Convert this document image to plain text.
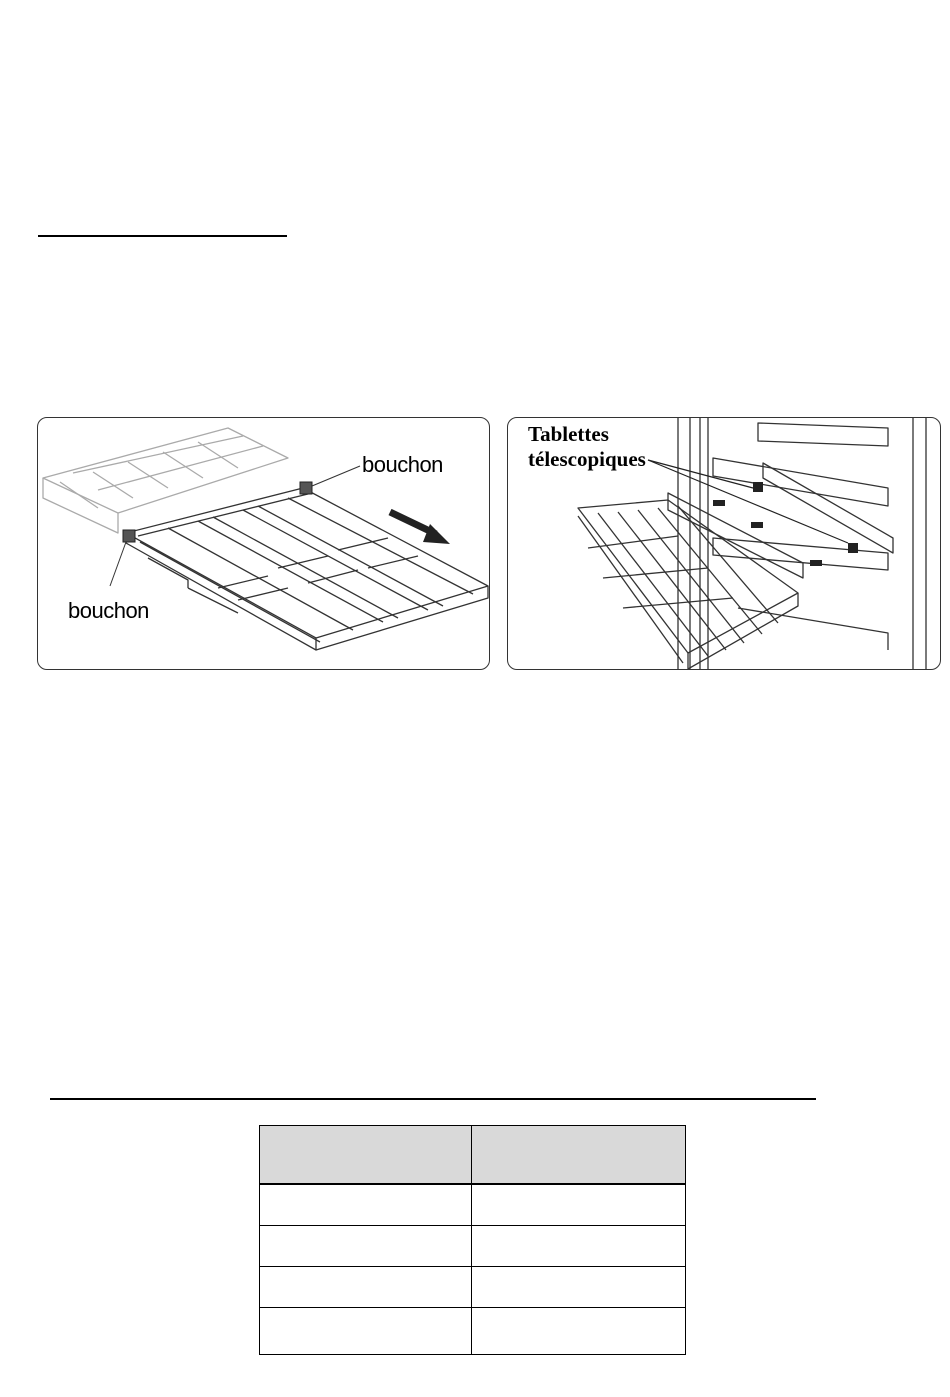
bouchon
bouchon
Tablettes
télescopiques
